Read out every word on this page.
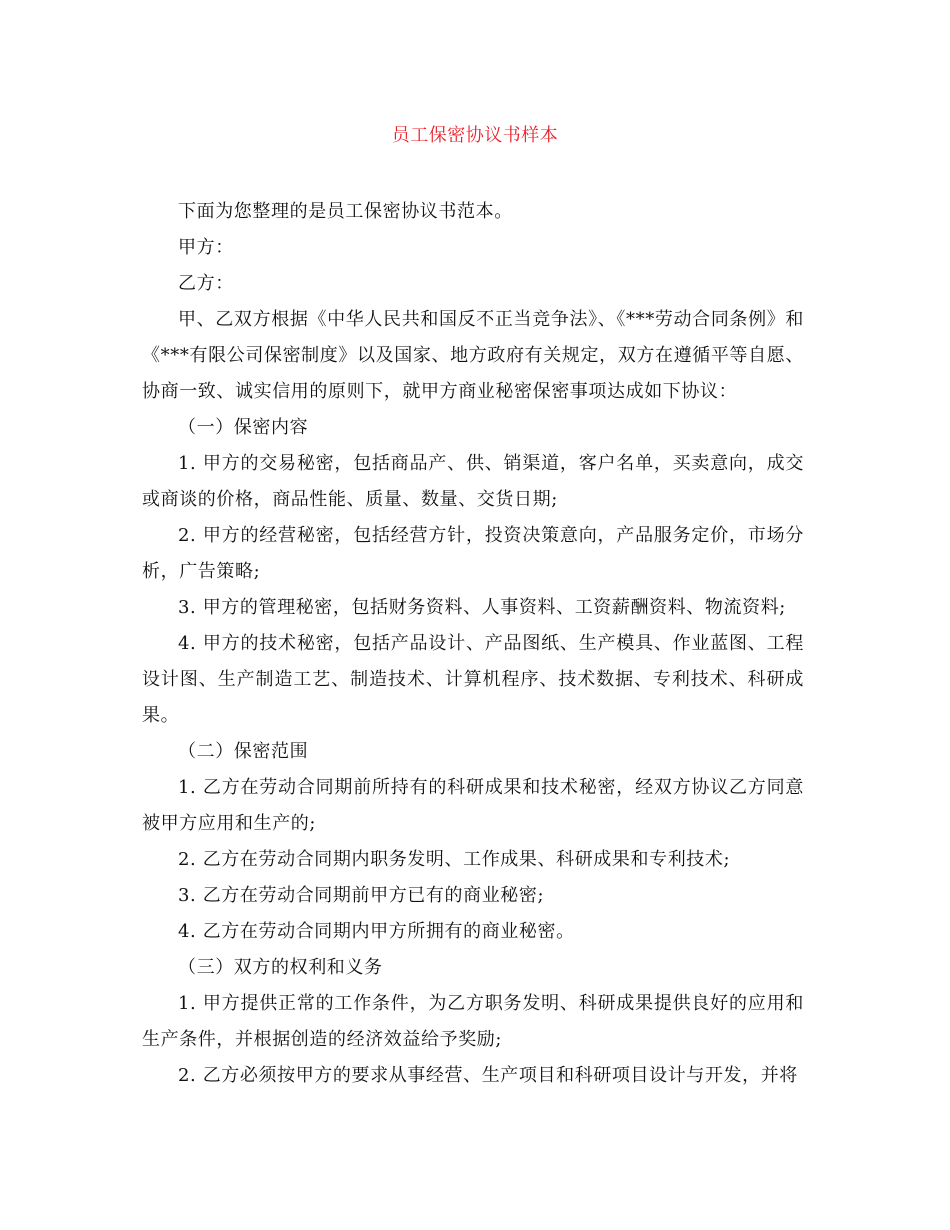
员工保密协议书样本

下面为您整理的是员工保密协议书范本。

甲方：

乙方：

甲、乙双方根据《中华人民共和国反不正当竞争法》、《***劳动合同条例》和《***有限公司保密制度》以及国家、地方政府有关规定，双方在遵循平等自愿、协商一致、诚实信用的原则下，就甲方商业秘密保密事项达成如下协议：

（一）保密内容

1. 甲方的交易秘密，包括商品产、供、销渠道，客户名单，买卖意向，成交或商谈的价格，商品性能、质量、数量、交货日期;

2. 甲方的经营秘密，包括经营方针，投资决策意向，产品服务定价，市场分析，广告策略;

3. 甲方的管理秘密，包括财务资料、人事资料、工资薪酬资料、物流资料;

4. 甲方的技术秘密，包括产品设计、产品图纸、生产模具、作业蓝图、工程设计图、生产制造工艺、制造技术、计算机程序、技术数据、专利技术、科研成果。

（二）保密范围

1. 乙方在劳动合同期前所持有的科研成果和技术秘密，经双方协议乙方同意被甲方应用和生产的;

2. 乙方在劳动合同期内职务发明、工作成果、科研成果和专利技术;

3. 乙方在劳动合同期前甲方已有的商业秘密;

4. 乙方在劳动合同期内甲方所拥有的商业秘密。

（三）双方的权利和义务

1. 甲方提供正常的工作条件，为乙方职务发明、科研成果提供良好的应用和生产条件，并根据创造的经济效益给予奖励;

2. 乙方必须按甲方的要求从事经营、生产项目和科研项目设计与开发，并将
